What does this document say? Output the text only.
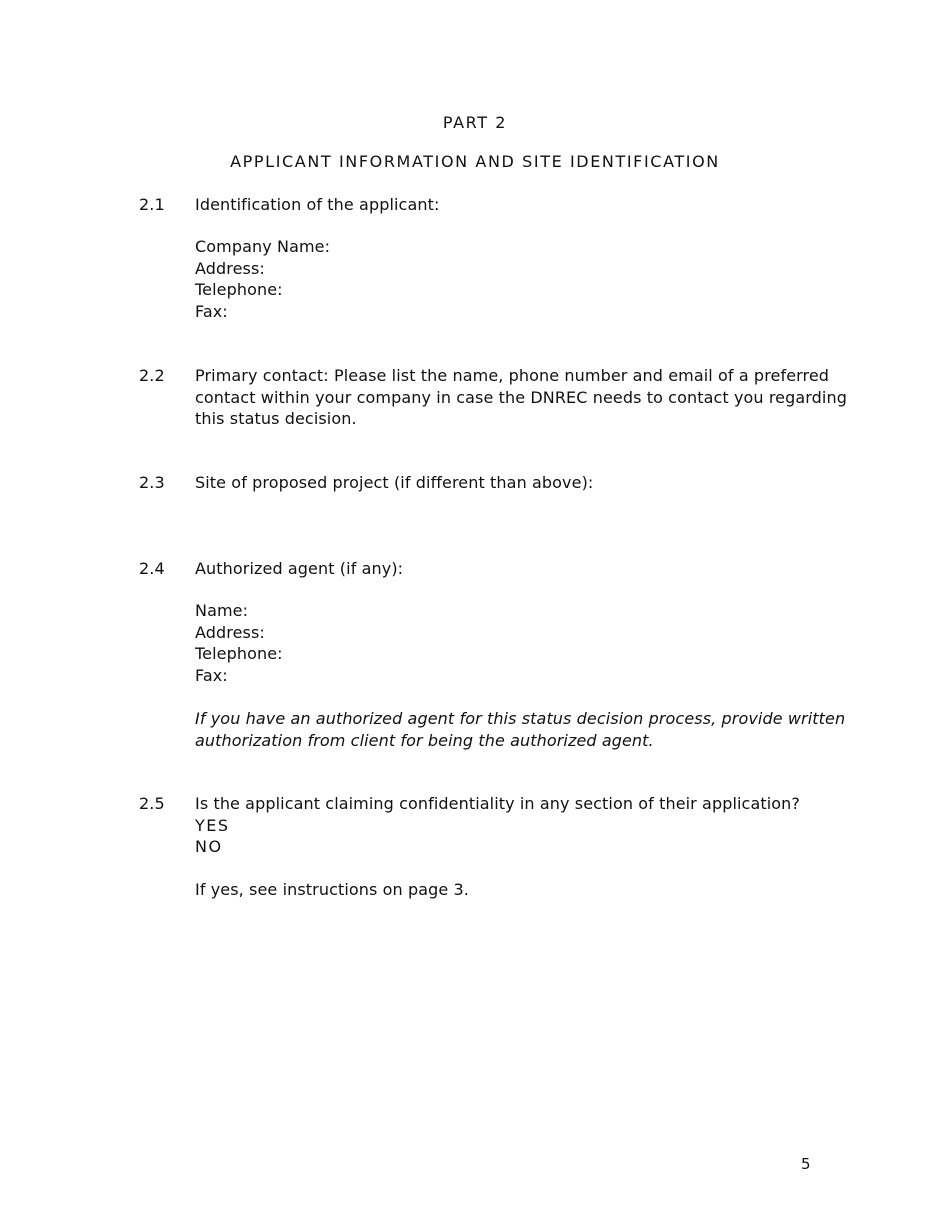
PART 2
APPLICANT INFORMATION AND SITE IDENTIFICATION
2.1 Identification of the applicant:
Company Name:
Address:
Telephone:
Fax:
2.2 Primary contact: Please list the name, phone number and email of a preferred
contact within your company in case the DNREC needs to contact you regarding
this status decision.
2.3 Site of proposed project (if different than above):
2.4 Authorized agent (if any):
Name:
Address:
Telephone:
Fax:
If you have an authorized agent for this status decision process, provide written
authorization from client for being the authorized agent.
2.5 Is the applicant claiming confidentiality in any section of their application?
YES
NO
If yes, see instructions on page 3.
5
